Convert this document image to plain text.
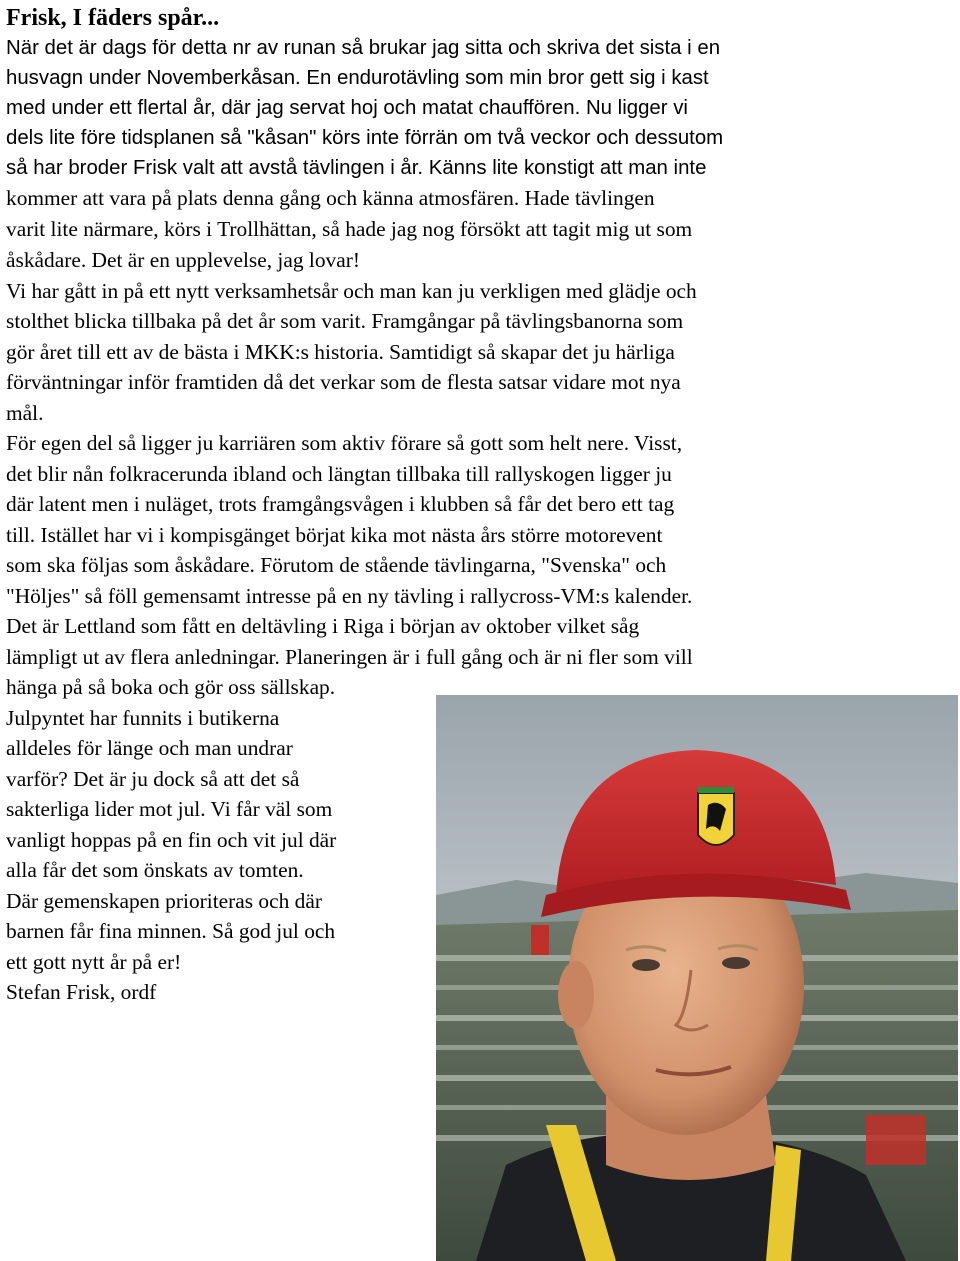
Frisk, I fäders spår...

När det är dags för detta nr av runan så brukar jag sitta och skriva det sista i en

husvagn under Novemberkåsan. En endurotävling som min bror gett sig i kast

med under ett flertal år, där jag servat hoj och matat chauffören. Nu ligger vi

dels lite före tidsplanen så "kåsan" körs inte förrän om två veckor och dessutom

så har broder Frisk valt att avstå tävlingen i år. Känns lite konstigt att man inte

kommer att vara på plats denna gång och känna atmosfären. Hade tävlingen

varit lite närmare, körs i Trollhättan, så hade jag nog försökt att tagit mig ut som

åskådare. Det är en upplevelse, jag lovar!

Vi har gått in på ett nytt verksamhetsår och man kan ju verkligen med glädje och

stolthet blicka tillbaka på det år som varit. Framgångar på tävlingsbanorna som

gör året till ett av de bästa i MKK:s historia. Samtidigt så skapar det ju härliga

förväntningar inför framtiden då det verkar som de flesta satsar vidare mot nya

mål.

För egen del så ligger ju karriären som aktiv förare så gott som helt nere. Visst,

det blir nån folkracerunda ibland och längtan tillbaka till rallyskogen ligger ju

där latent men i nuläget, trots framgångsvågen i klubben så får det bero ett tag

till. Istället har vi i kompisgänget börjat kika mot nästa års större motorevent

som ska följas som åskådare. Förutom de stående tävlingarna, "Svenska" och

"Höljes" så föll gemensamt intresse på en ny tävling i rallycross-VM:s kalender.

Det är Lettland som fått en deltävling i Riga i början av oktober vilket såg

lämpligt ut av flera anledningar. Planeringen är i full gång och är ni fler som vill

hänga på så boka och gör oss sällskap.

Julpyntet har funnits i butikerna

alldeles för länge och man undrar

varför? Det är ju dock så att det så

sakterliga lider mot jul. Vi får väl som

vanligt hoppas på en fin och vit jul där

alla får det som önskats av tomten.

Där gemenskapen prioriteras och där

barnen får fina minnen. Så god jul och

ett gott nytt år på er!

Stefan Frisk, ordf
